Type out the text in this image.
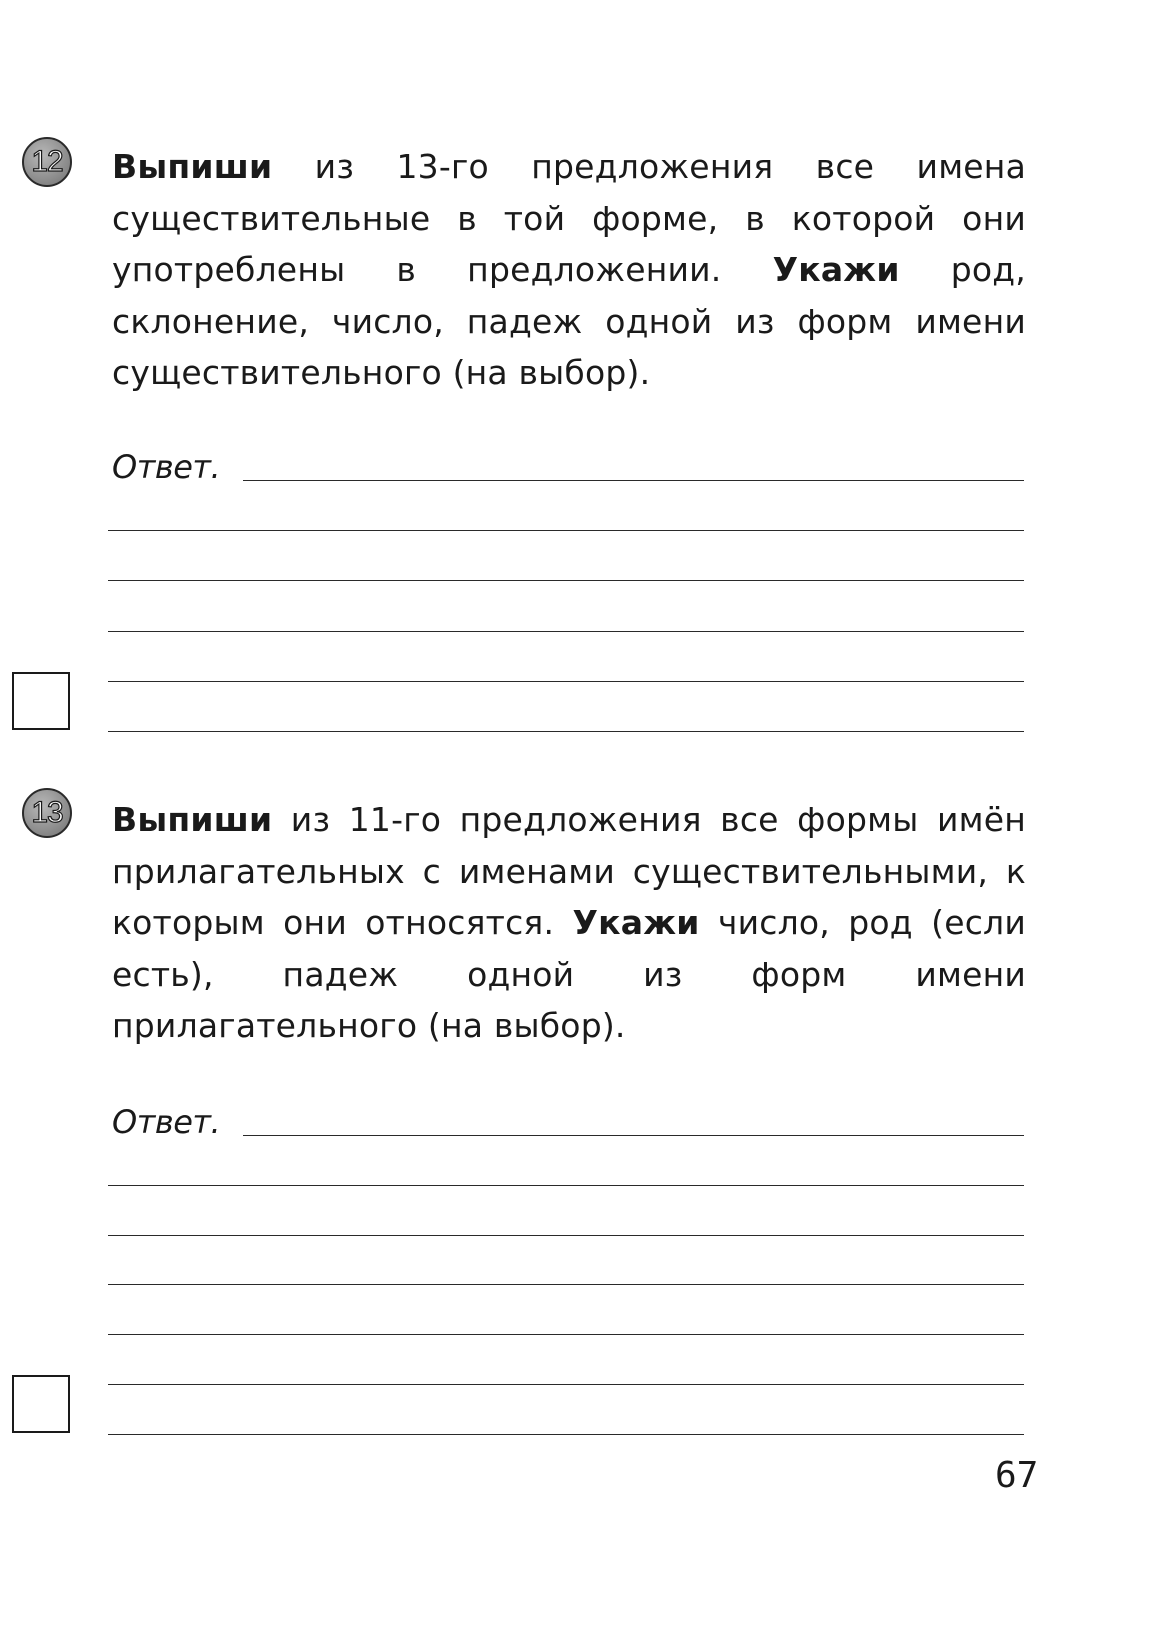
12 Выпиши из 13-го предложения все имена существительные в той форме, в которой они употреблены в предложении. Укажи род, склонение, число, падеж одной из форм имени существительного (на выбор).
Ответ.
13 Выпиши из 11-го предложения все формы имён прилагательных с именами существительными, к которым они относятся. Укажи число, род (если есть), падеж одной из форм имени прилагательного (на выбор).
Ответ.
67
